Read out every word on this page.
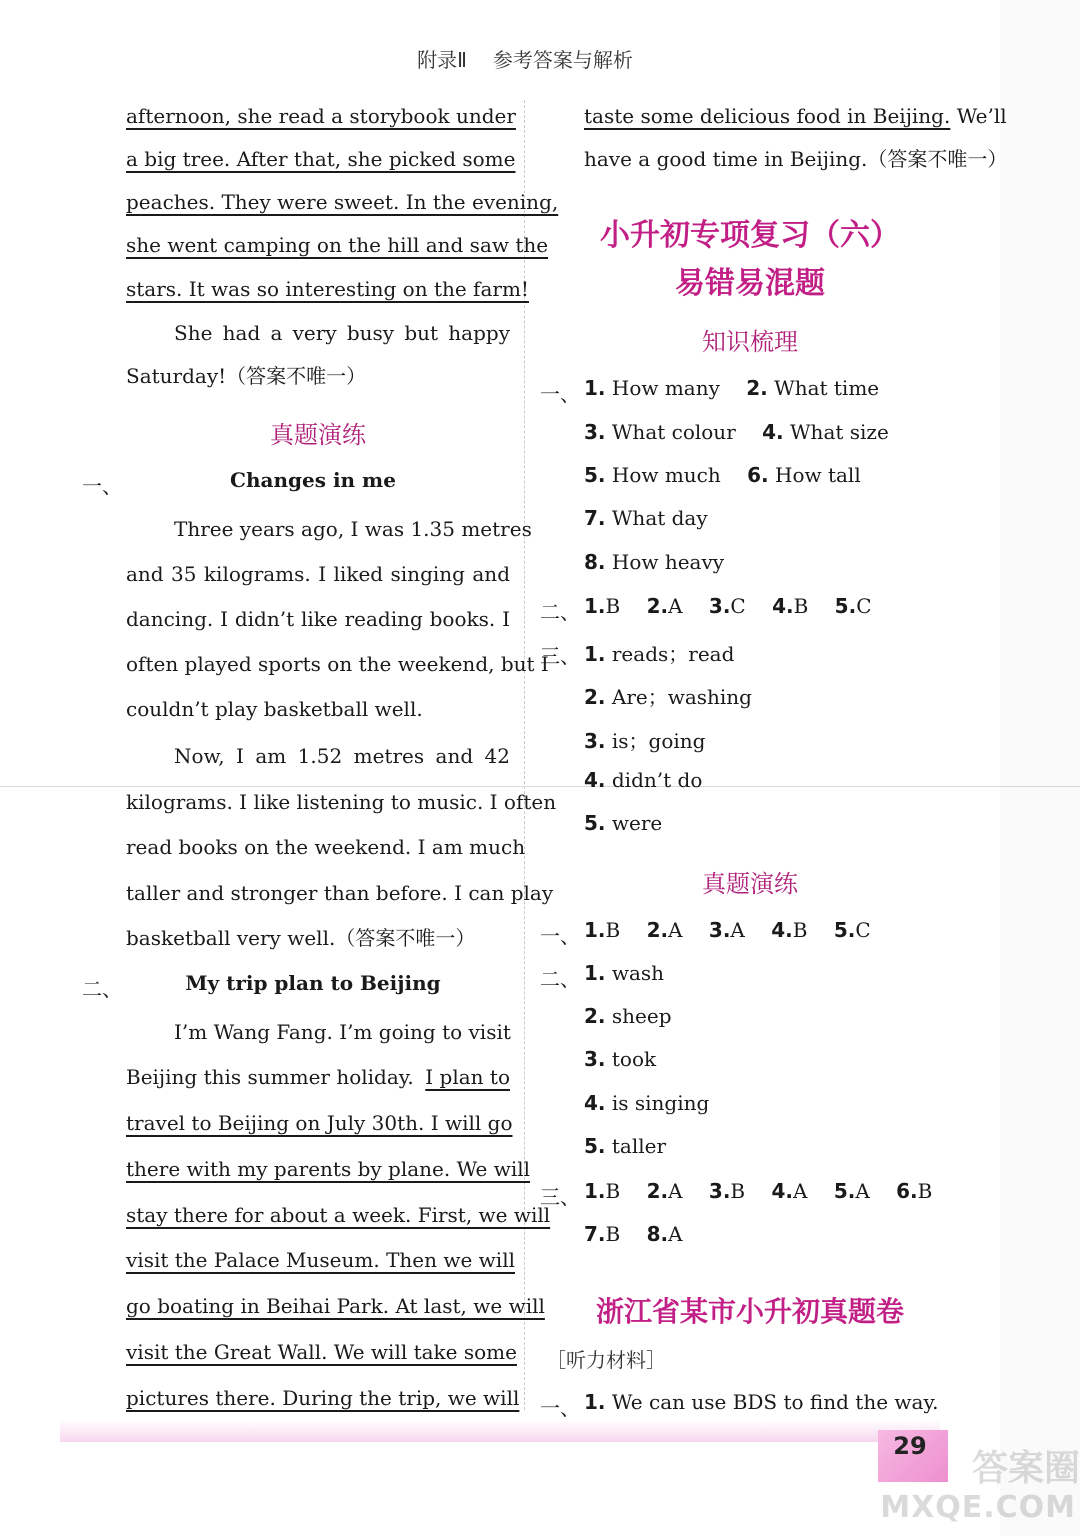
附录Ⅱ 参考答案与解析
afternoon, she read a storybook under
a big tree. After that, she picked some
peaches. They were sweet. In the evening,
she went camping on the hill and saw the
stars. It was so interesting on the farm!
She had a very busy but happy
Saturday!（答案不唯一）
真题演练
一、	Changes in me
Three years ago, I was 1.35 metres
and 35 kilograms. I liked singing and
dancing. I didn’t like reading books. I
often played sports on the weekend, but I
couldn’t play basketball well.
Now, I am 1.52 metres and 42
kilograms. I like listening to music. I often
read books on the weekend. I am much
taller and stronger than before. I can play
basketball very well.（答案不唯一）
二、	My trip plan to Beijing
I’m Wang Fang. I’m going to visit
Beijing this summer holiday. I plan to
travel to Beijing on July 30th. I will go
there with my parents by plane. We will
stay there for about a week. First, we will
visit the Palace Museum. Then we will
go boating in Beihai Park. At last, we will
visit the Great Wall. We will take some
pictures there. During the trip, we will
taste some delicious food in Beijing. We’ll
have a good time in Beijing.（答案不唯一）
小升初专项复习（六）
易错易混题
知识梳理
一、 1. How many 2. What time
3. What colour 4. What size
5. How much 6. How tall
7. What day
8. How heavy
二、 1.B 2.A 3.C 4.B 5.C
三、 1. reads；read
2. Are；washing
3. is；going
4. didn’t do
5. were
真题演练
一、 1.B 2.A 3.A 4.B 5.C
二、 1. wash
2. sheep
3. took
4. is singing
5. taller
三、 1.B 2.A 3.B 4.A 5.A 6.B
7.B 8.A
浙江省某市小升初真题卷
［听力材料］
一、 1. We can use BDS to find the way.
29
答案圈
MXQE.COM
